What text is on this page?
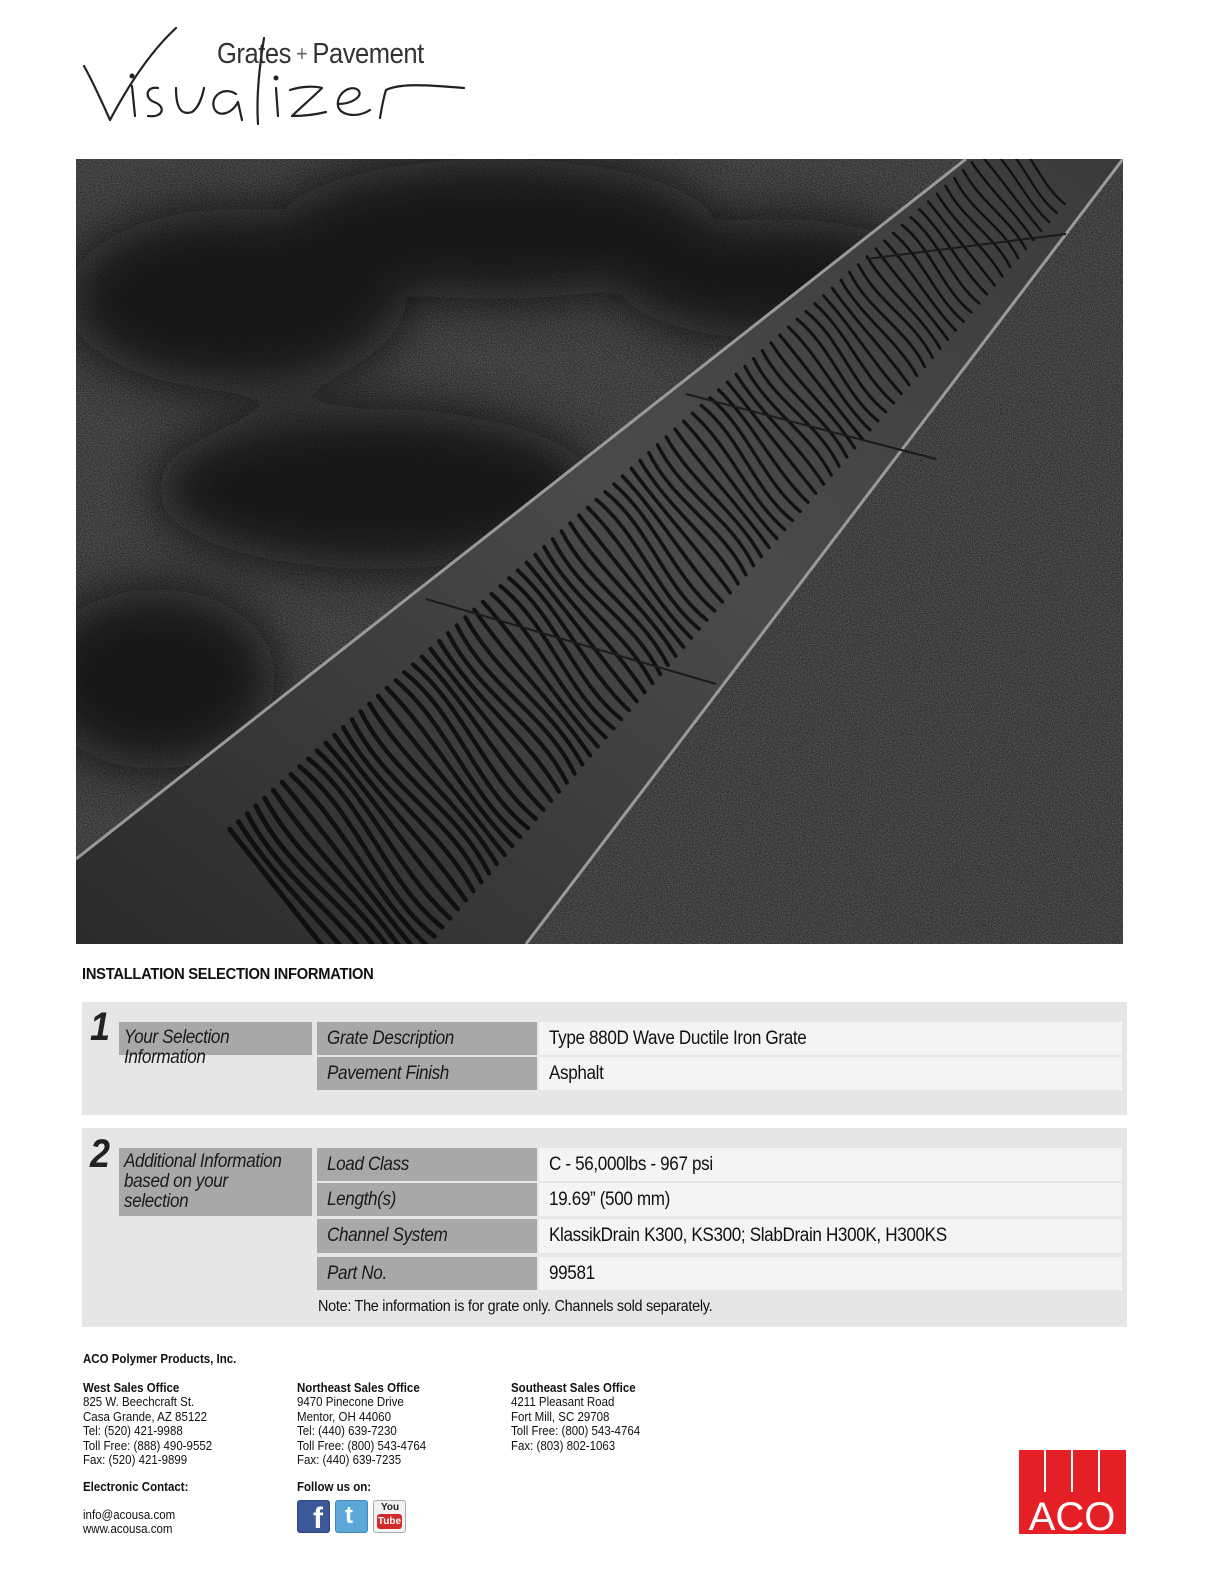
Grates + Pavement
INSTALLATION SELECTION INFORMATION
1 Your Selection Information
Grate Description	Type 880D Wave Ductile Iron Grate
Pavement Finish	Asphalt
2 Additional Information
based on your selection
Load Class	C - 56,000lbs - 967 psi
Length(s)	19.69” (500 mm)
Channel System	KlassikDrain K300, KS300; SlabDrain H300K, H300KS
Part No.	99581
Note: The information is for grate only. Channels sold separately.
ACO Polymer Products, Inc.
West Sales Office
825 W. Beechcraft St.
Casa Grande, AZ 85122
Tel: (520) 421-9988
Toll Free: (888) 490-9552
Fax: (520) 421-9899
Northeast Sales Office
9470 Pinecone Drive
Mentor, OH 44060
Tel: (440) 639-7230
Toll Free: (800) 543-4764
Fax: (440) 639-7235
Southeast Sales Office
4211 Pleasant Road
Fort Mill, SC 29708
Toll Free: (800) 543-4764
Fax: (803) 802-1063
Electronic Contact:
info@acousa.com
www.acousa.com
Follow us on:
f t	You
Tube	ACO
